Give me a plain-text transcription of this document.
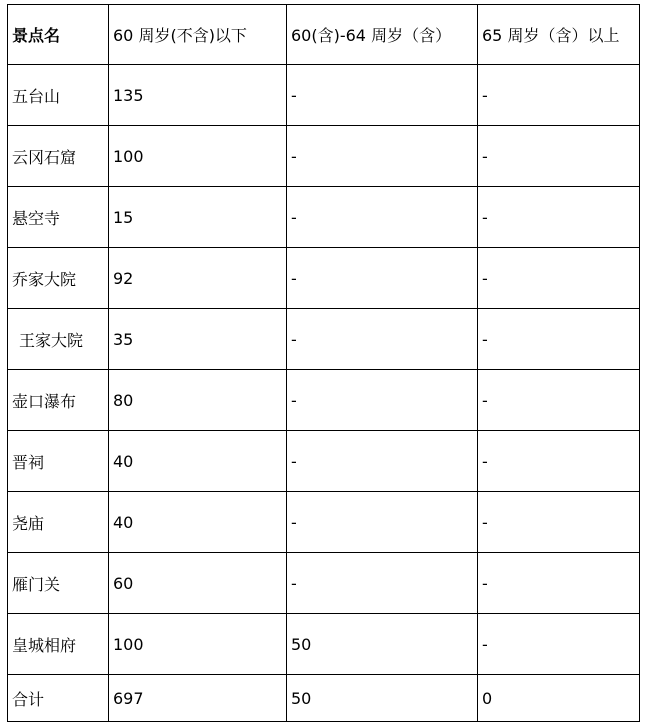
景点名	60 周岁(不含)以下	60(含)-64 周岁（含）	65 周岁（含）以上
五台山	135	-	-
云冈石窟	100	-	-
悬空寺	15	-	-
乔家大院	92	-	-
王家大院	35	-	-
壶口瀑布	80	-	-
晋祠	40	-	-
尧庙	40	-	-
雁门关	60	-	-
皇城相府	100	50	-
合计	697	50	0
